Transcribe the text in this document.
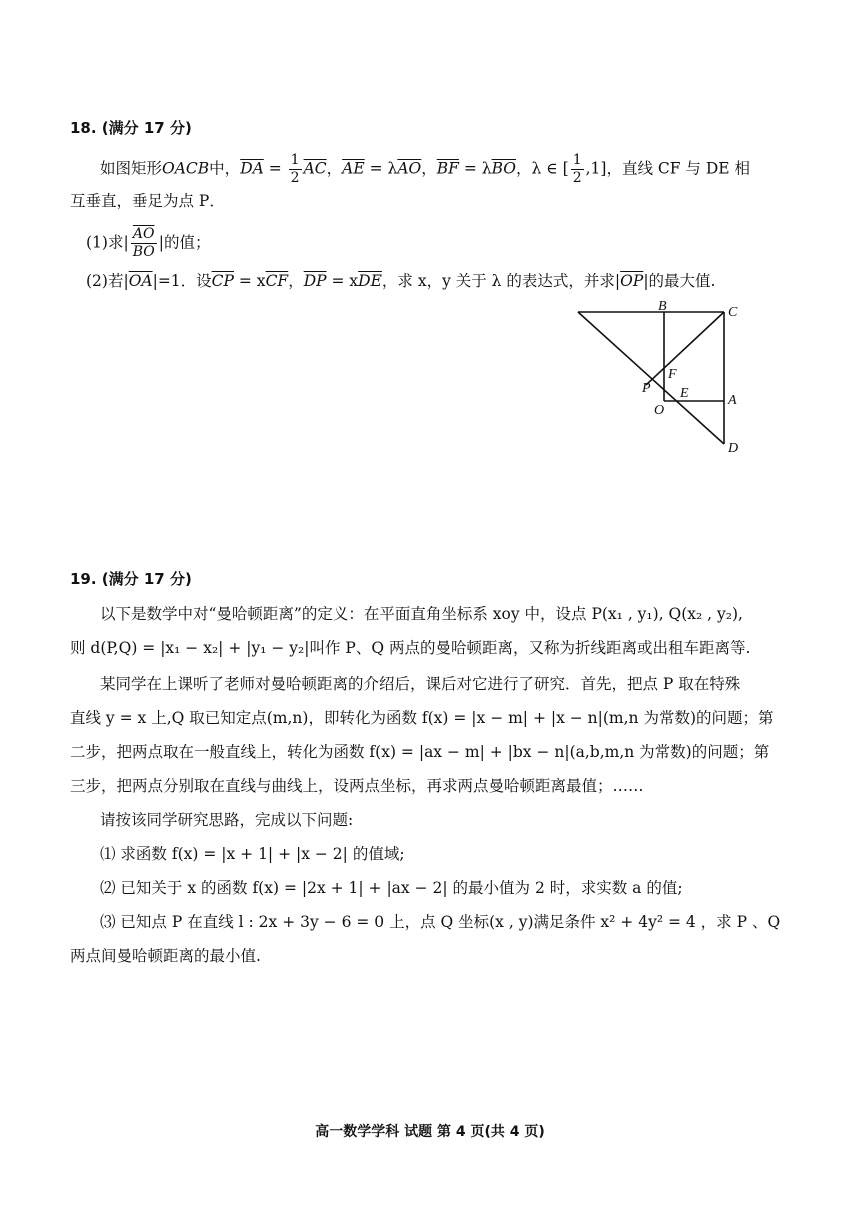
18. (满分 17 分)
如图矩形OACB中，$\overline{DA} = \frac{1}{2} \overline{AC}$，$\overline{AE} = \lambda\overline{AO}$，$\overline{BF} = \lambda\overline{BO}$，λ ∈ [ $\frac{1}{2} ,1$]，直线 CF 与 DE 相
互垂直，垂足为点 P．
(1)求| $\frac{\overline{AO}}{BO}$ |的值；
(2)若$|\overline{OA}|=1$．设$\overline{CP} = x\overline{CF}$，$\overline{DP} = x\overline{DE}$，求 x，y 关于 λ 的表达式，并求$|\overline{OP}|$的最大值.
B	C
F
P E	A
O
D
19. (满分 17 分)
以下是数学中对“曼哈顿距离”的定义：在平面直角坐标系 xoy 中，设点 P(x₁ , y₁), Q(x₂ , y₂),
则 d(P,Q) = |x₁ − x₂| + |y₁ − y₂|叫作 P、Q 两点的曼哈顿距离，又称为折线距离或出租车距离等.
某同学在上课听了老师对曼哈顿距离的介绍后，课后对它进行了研究．首先，把点 P 取在特殊
直线 y = x 上,Q 取已知定点(m,n)，即转化为函数 f(x) = |x − m| + |x − n|(m,n 为常数)的问题；第
二步，把两点取在一般直线上，转化为函数 f(x) = |ax − m| + |bx − n|(a,b,m,n 为常数)的问题；第
三步，把两点分别取在直线与曲线上，设两点坐标，再求两点曼哈顿距离最值；……
请按该同学研究思路，完成以下问题:
⑴ 求函数 f(x) = |x + 1| + |x − 2| 的值域;
⑵ 已知关于 x 的函数 f(x) = |2x + 1| + |ax − 2| 的最小值为 2 时，求实数 a 的值;
⑶ 已知点 P 在直线 l : 2x + 3y − 6 = 0 上，点 Q 坐标(x , y)满足条件 x² + 4y² = 4 ，求 P 、Q
两点间曼哈顿距离的最小值.
高一数学学科 试题 第 4 页(共 4 页)
